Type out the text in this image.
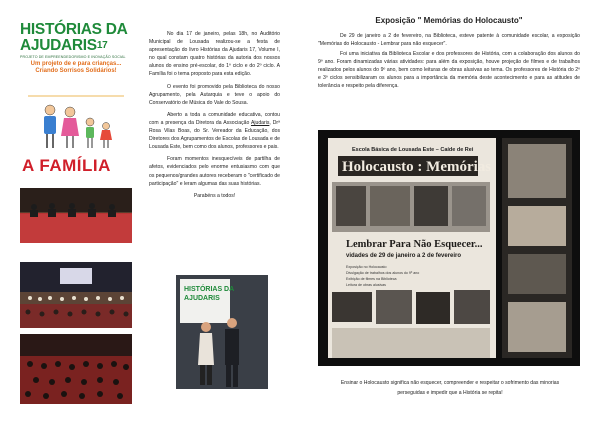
HISTÓRIAS DA
AJUDARIS$^{17}$
PROJETO DE EMPREENDEDORISMO E INOVAÇÃO SOCIAL
Um projeto de e para crianças...
Criando Sorrisos Solidários!
A FAMÍLIA

No dia 17 de janeiro, pelas 18h, no Auditório Municipal de Lousada realizou-se a festa de apresentação do livro Histórias da Ajudaris 17, Volume I, no qual constam quatro histórias da autoria dos nossos alunos do ensino pré-escolar, do 1º ciclo e do 2º ciclo. A Família foi o tema proposto para esta edição.

O evento foi promovido pela Biblioteca do nosso Agrupamento, pela Autarquia e teve o apoio do Conservatório de Música do Vale do Sousa.

Aberto a toda a comunidade educativa, contou com a presença da Diretora da Associação Ajudaris, Drª Rosa Vilas Boas, do Sr. Vereador da Educação, dos Diretores dos Agrupamentos de Escolas de Lousada e de Lousada Este, bem como dos alunos, professores e pais.

Foram momentos inesquecíveis de partilha de afetos, evidenciados pelo enorme entusiasmo com que os pequenos/grandes autores receberam o "certificado de participação" e leram algumas das suas histórias.

Parabéns a todos!

HISTÓRIAS DA
AJUDARIS
Exposição " Memórias do Holocausto"

De 29 de janeiro a 2 de fevereiro, na Biblioteca, esteve patente à comunidade escolar, a exposição "Memórias do Holocausto - Lembrar para não esquecer".

Foi uma iniciativa da Biblioteca Escolar e dos professores de História, com a colaboração dos alunos do 9º ano. Foram dinamizadas várias atividades: para além da exposição, houve projeção de filmes e de trabalhos realizados pelos alunos do 9º ano, bem como leituras de obras alusivas ao tema. Os professores de História do 2º e 3º ciclos sensibilizaram os alunos para a importância da memória deste acontecimento e para as atitudes de tolerância e respeito pela diferença.

Escola Básica de Lousada Este – Caíde de Rei
Holocausto : Memórias
Lembrar Para Não Esquecer...
vidades de 29 de janeiro a 2 de fevereiro
Exposição no Holocausto
Divulgação de trabalhos dos alunos do 9º ano
Exibição de filmes na Biblioteca
Leitura de obras alusivas
Ensinar o Holocausto significa não esquecer, compreender e respeitar o sofrimento das minorias perseguidas e impedir que a História se repita!
